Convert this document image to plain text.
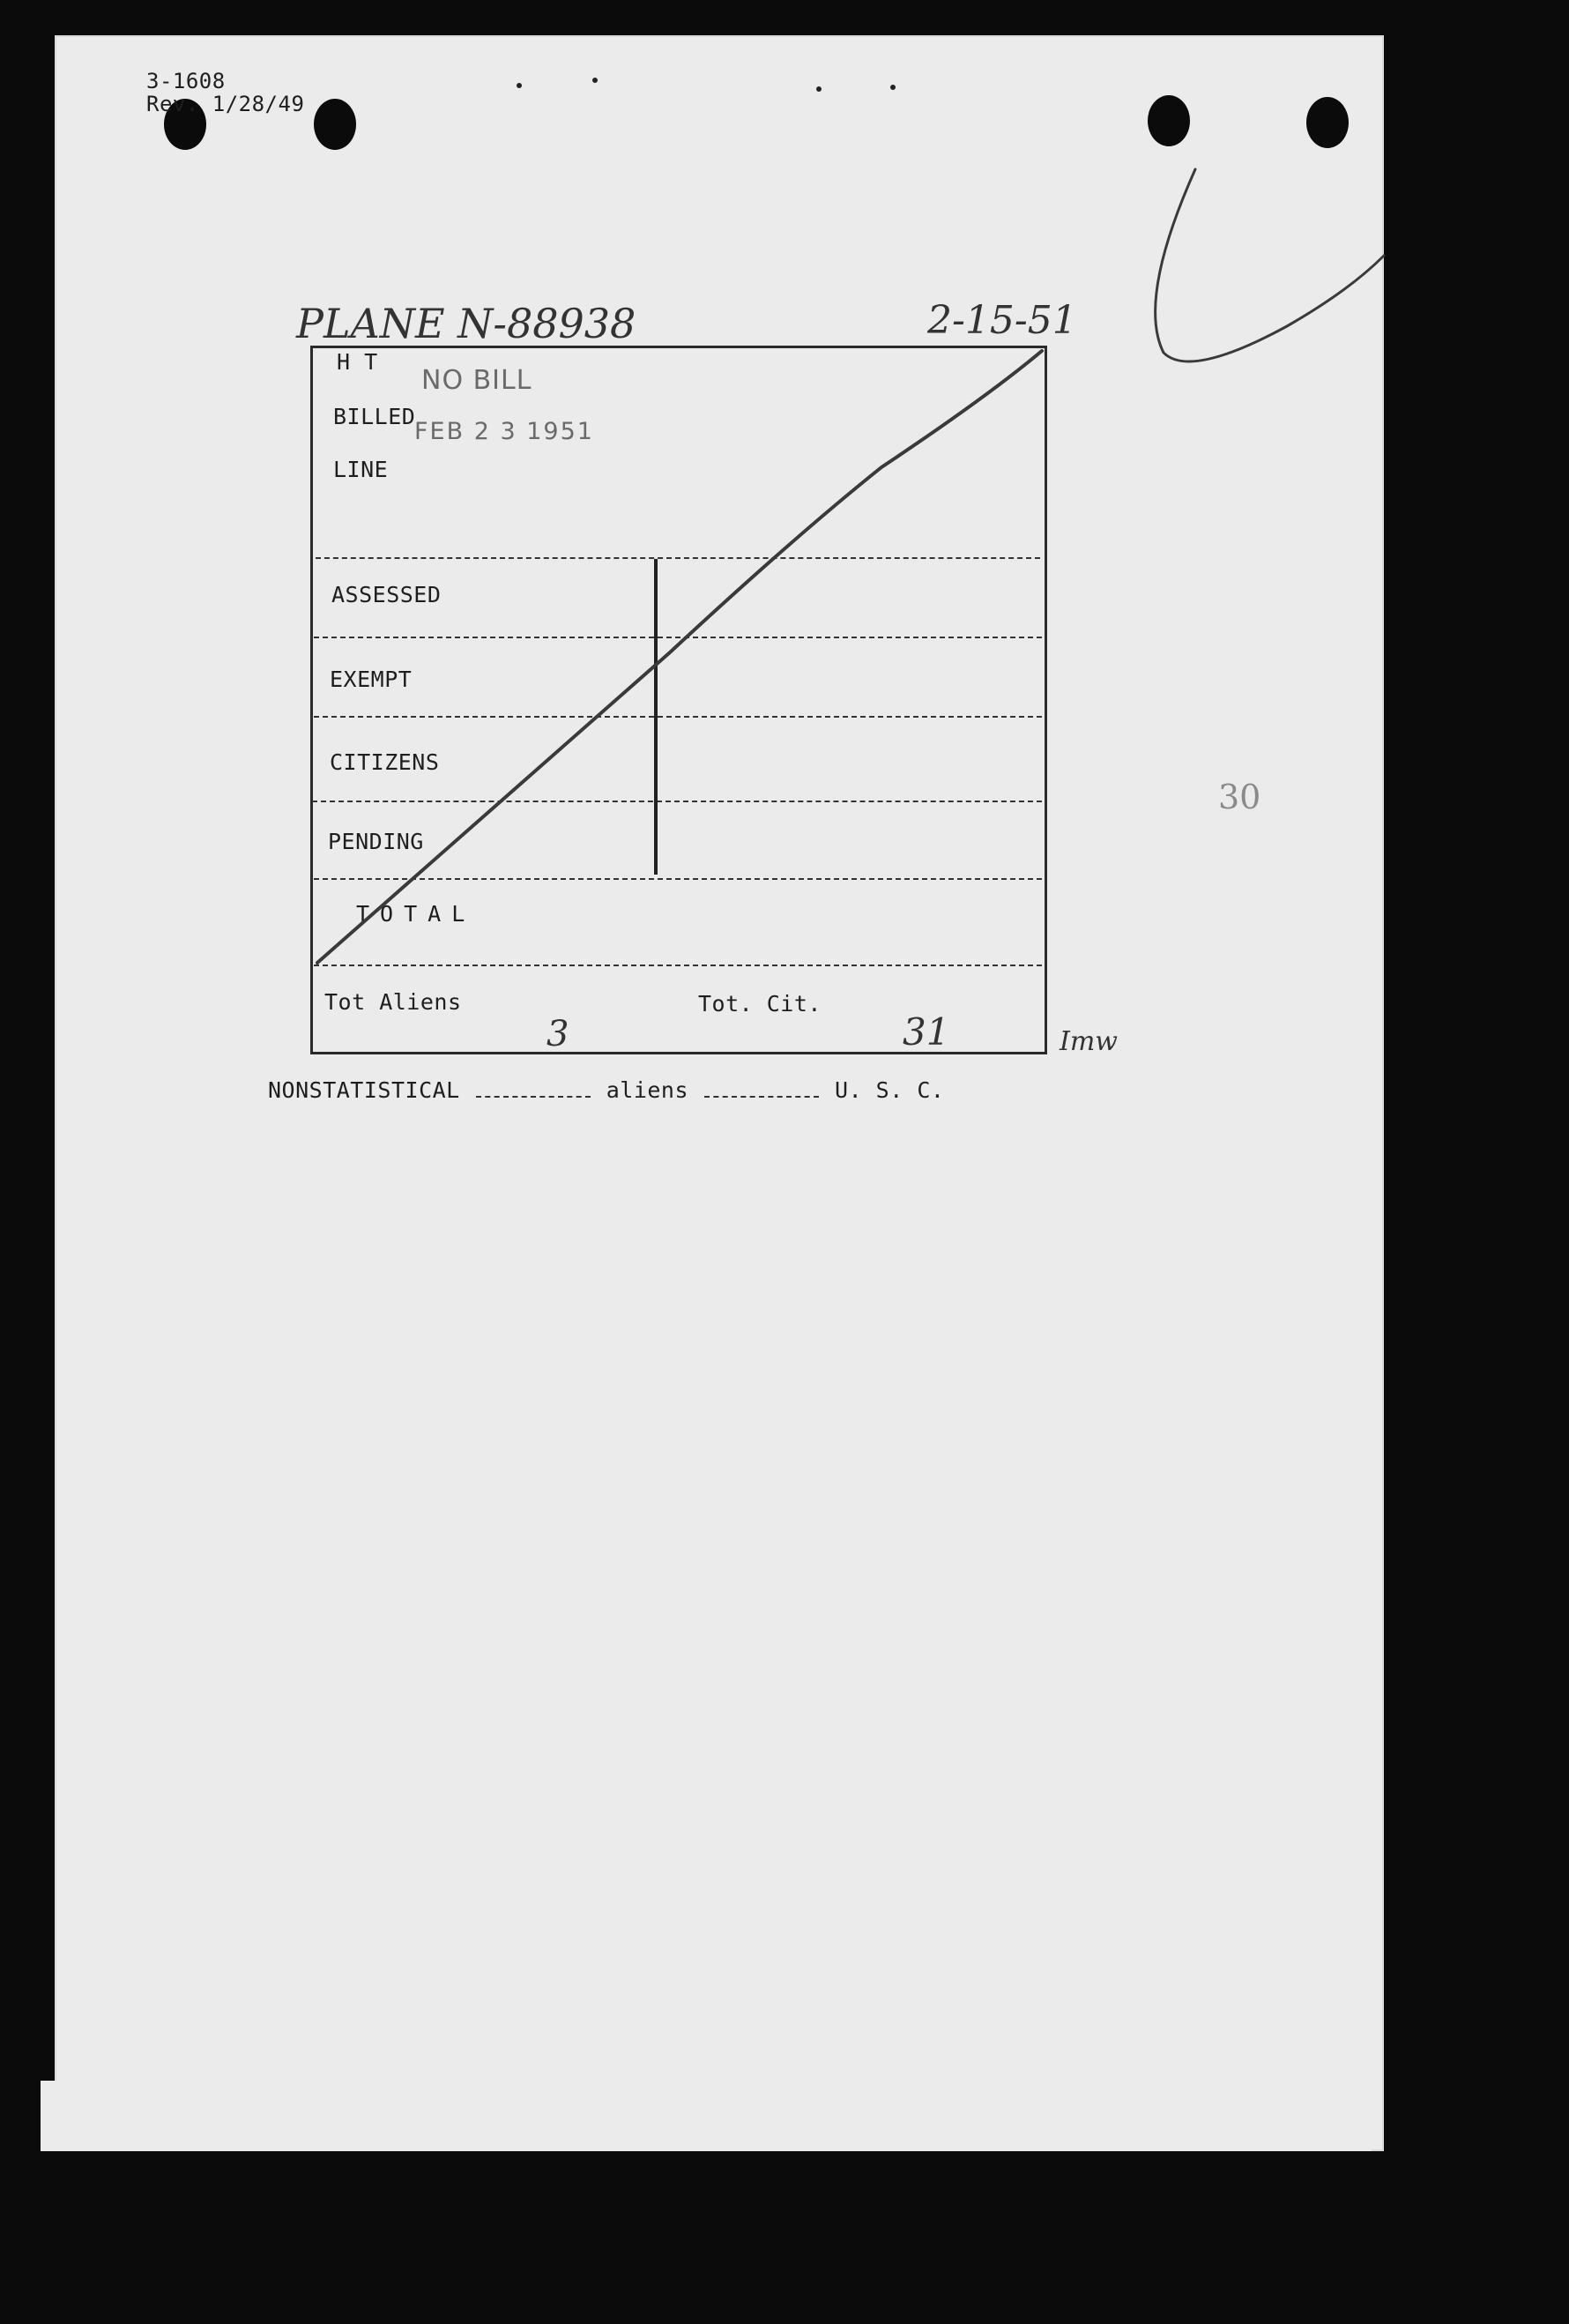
3-1608
Rev. 1/28/49
PLANE N-88938	2-15-51
H T
BILLED
LINE
ASSESSED
EXEMPT
CITIZENS
PENDING
TOTAL
NO BILL
FEB 2 3 1951
Tot Aliens	Tot. Cit.
3	31	Imw
NONSTATISTICAL	aliens	U. S. C.
30
